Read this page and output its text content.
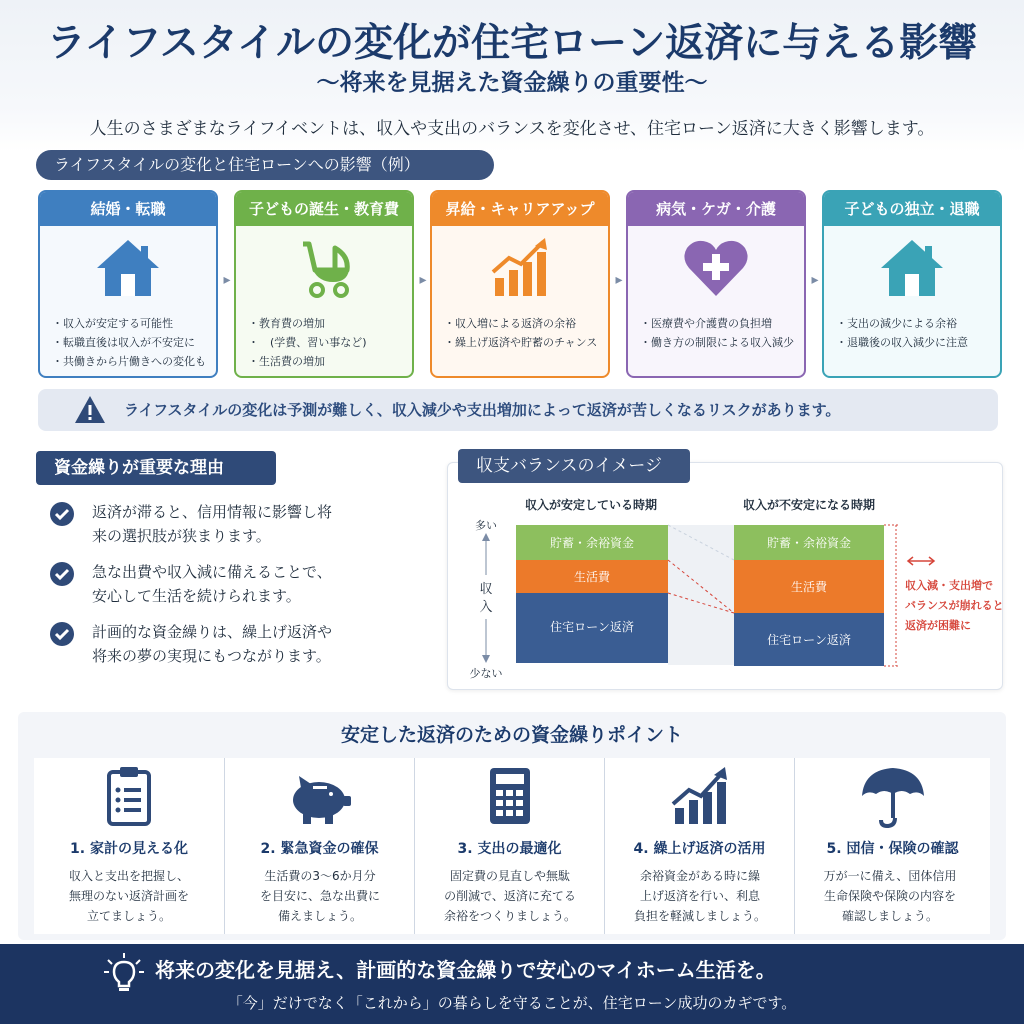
ライフスタイルの変化が住宅ローン返済に与える影響
〜将来を見据えた資金繰りの重要性〜
人生のさまざまなライフイベントは、収入や支出のバランスを変化させ、住宅ローン返済に大きく影響します。
ライフスタイルの変化と住宅ローンへの影響（例）
結婚・転職
・ 収入が安定する可能性
・ 転職直後は収入が不安定に
・ 共働きから片働きへの変化も
▸
子どもの誕生・教育費
・ 教育費の増加
・ (学費、習い事など)
・ 生活費の増加
▸
昇給・キャリアアップ
・ 収入増による返済の余裕
・ 繰上げ返済や貯蓄のチャンス
▸
病気・ケガ・介護
・ 医療費や介護費の負担増
・ 働き方の制限による収入減少
▸
子どもの独立・退職
・ 支出の減少による余裕
・ 退職後の収入減少に注意
ライフスタイルの変化は予測が難しく、収入減少や支出増加によって返済が苦しくなるリスクがあります。
資金繰りが重要な理由
返済が滞ると、信用情報に影響し将
来の選択肢が狭まります。
急な出費や収入減に備えることで、
安心して生活を続けられます。
計画的な資金繰りは、繰上げ返済や
将来の夢の実現にもつながります。
多い
収
入
少ない
収入が安定している時期	収入が不安定になる時期
貯蓄・余裕資金
生活費
住宅ローン返済
貯蓄・余裕資金
生活費
住宅ローン返済
収入減・支出増で
バランスが崩れると
返済が困難に
収支バランスのイメージ
安定した返済のための資金繰りポイント
1. 家計の見える化
収入と支出を把握し、
無理のない返済計画を
立てましょう。
2. 緊急資金の確保
生活費の3〜6か月分
を目安に、急な出費に
備えましょう。
3. 支出の最適化
固定費の見直しや無駄
の削減で、返済に充てる
余裕をつくりましょう。
4. 繰上げ返済の活用
余裕資金がある時に繰
上げ返済を行い、利息
負担を軽減しましょう。
5. 団信・保険の確認
万が一に備え、団体信用
生命保険や保険の内容を
確認しましょう。
将来の変化を見据え、計画的な資金繰りで安心のマイホーム生活を。
「今」だけでなく「これから」の暮らしを守ることが、住宅ローン成功のカギです。
